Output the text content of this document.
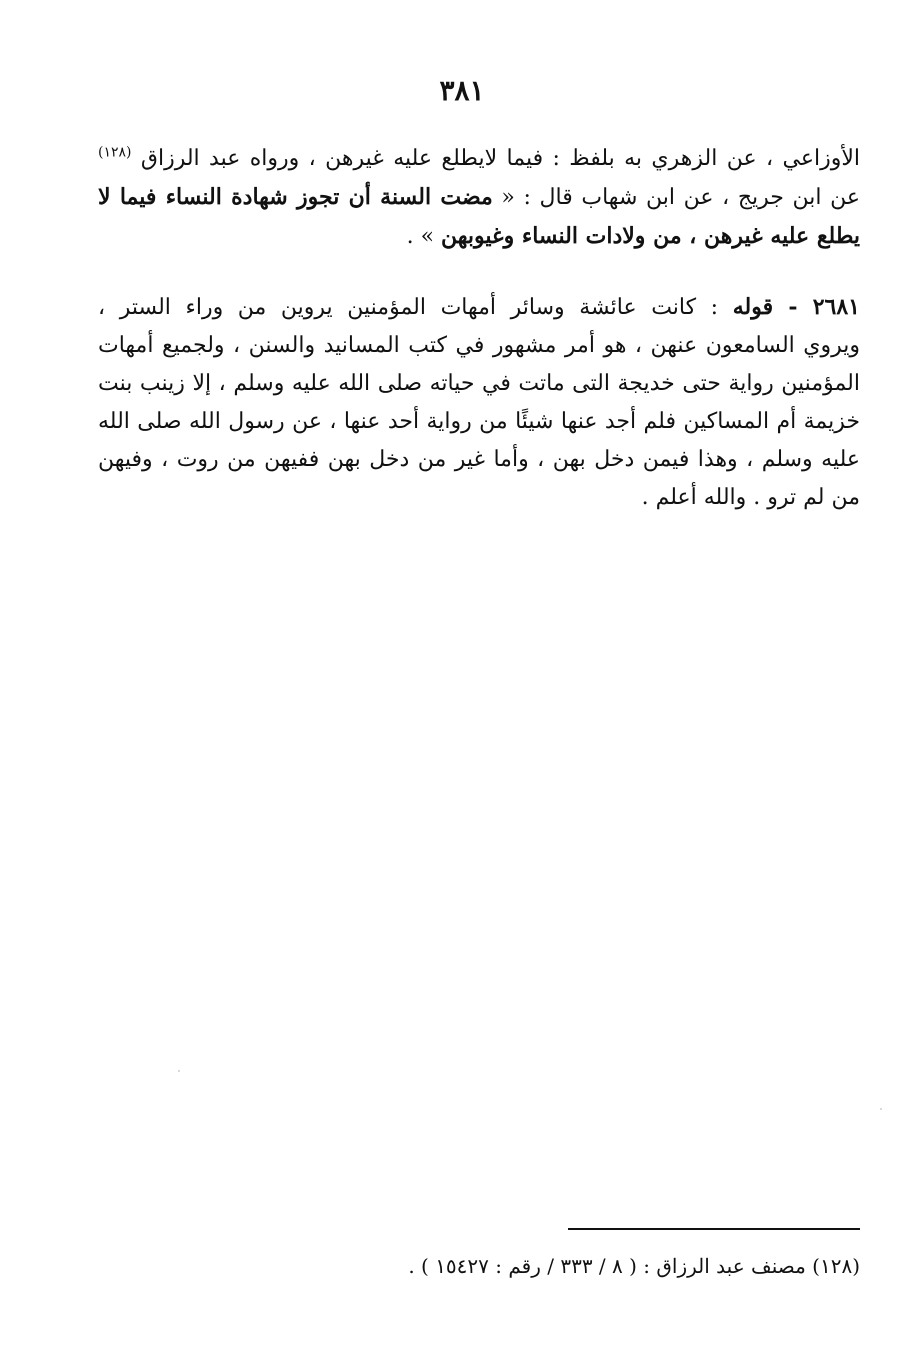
٣٨١
الأوزاعي ، عن الزهري به بلفظ : فيما لايطلع عليه غيرهن ، ورواه عبد الرزاق $^{(١٢٨)}$
عن ابن جريج ، عن ابن شهاب قال : « مضت السنة أن تجوز شهادة النساء فيما لا
يطلع عليه غيرهن ، من ولادات النساء وغيوبهن » .
٢٦٨١ - قوله : كانت عائشة وسائر أمهات المؤمنين يروين من وراء الستر ،
ويروي السامعون عنهن ، هو أمر مشهور في كتب المسانيد والسنن ، ولجميع أمهات
المؤمنين رواية حتى خديجة التى ماتت في حياته صلى الله عليه وسلم ، إلا زينب بنت
خزيمة أم المساكين فلم أجد عنها شيئًا من رواية أحد عنها ، عن رسول الله صلى الله
عليه وسلم ، وهذا فيمن دخل بهن ، وأما غير من دخل بهن ففيهن من روت ، وفيهن
من لم ترو . والله أعلم .
(١٢٨) مصنف عبد الرزاق : ( ٨ / ٣٣٣ / رقم : ١٥٤٢٧ ) .
